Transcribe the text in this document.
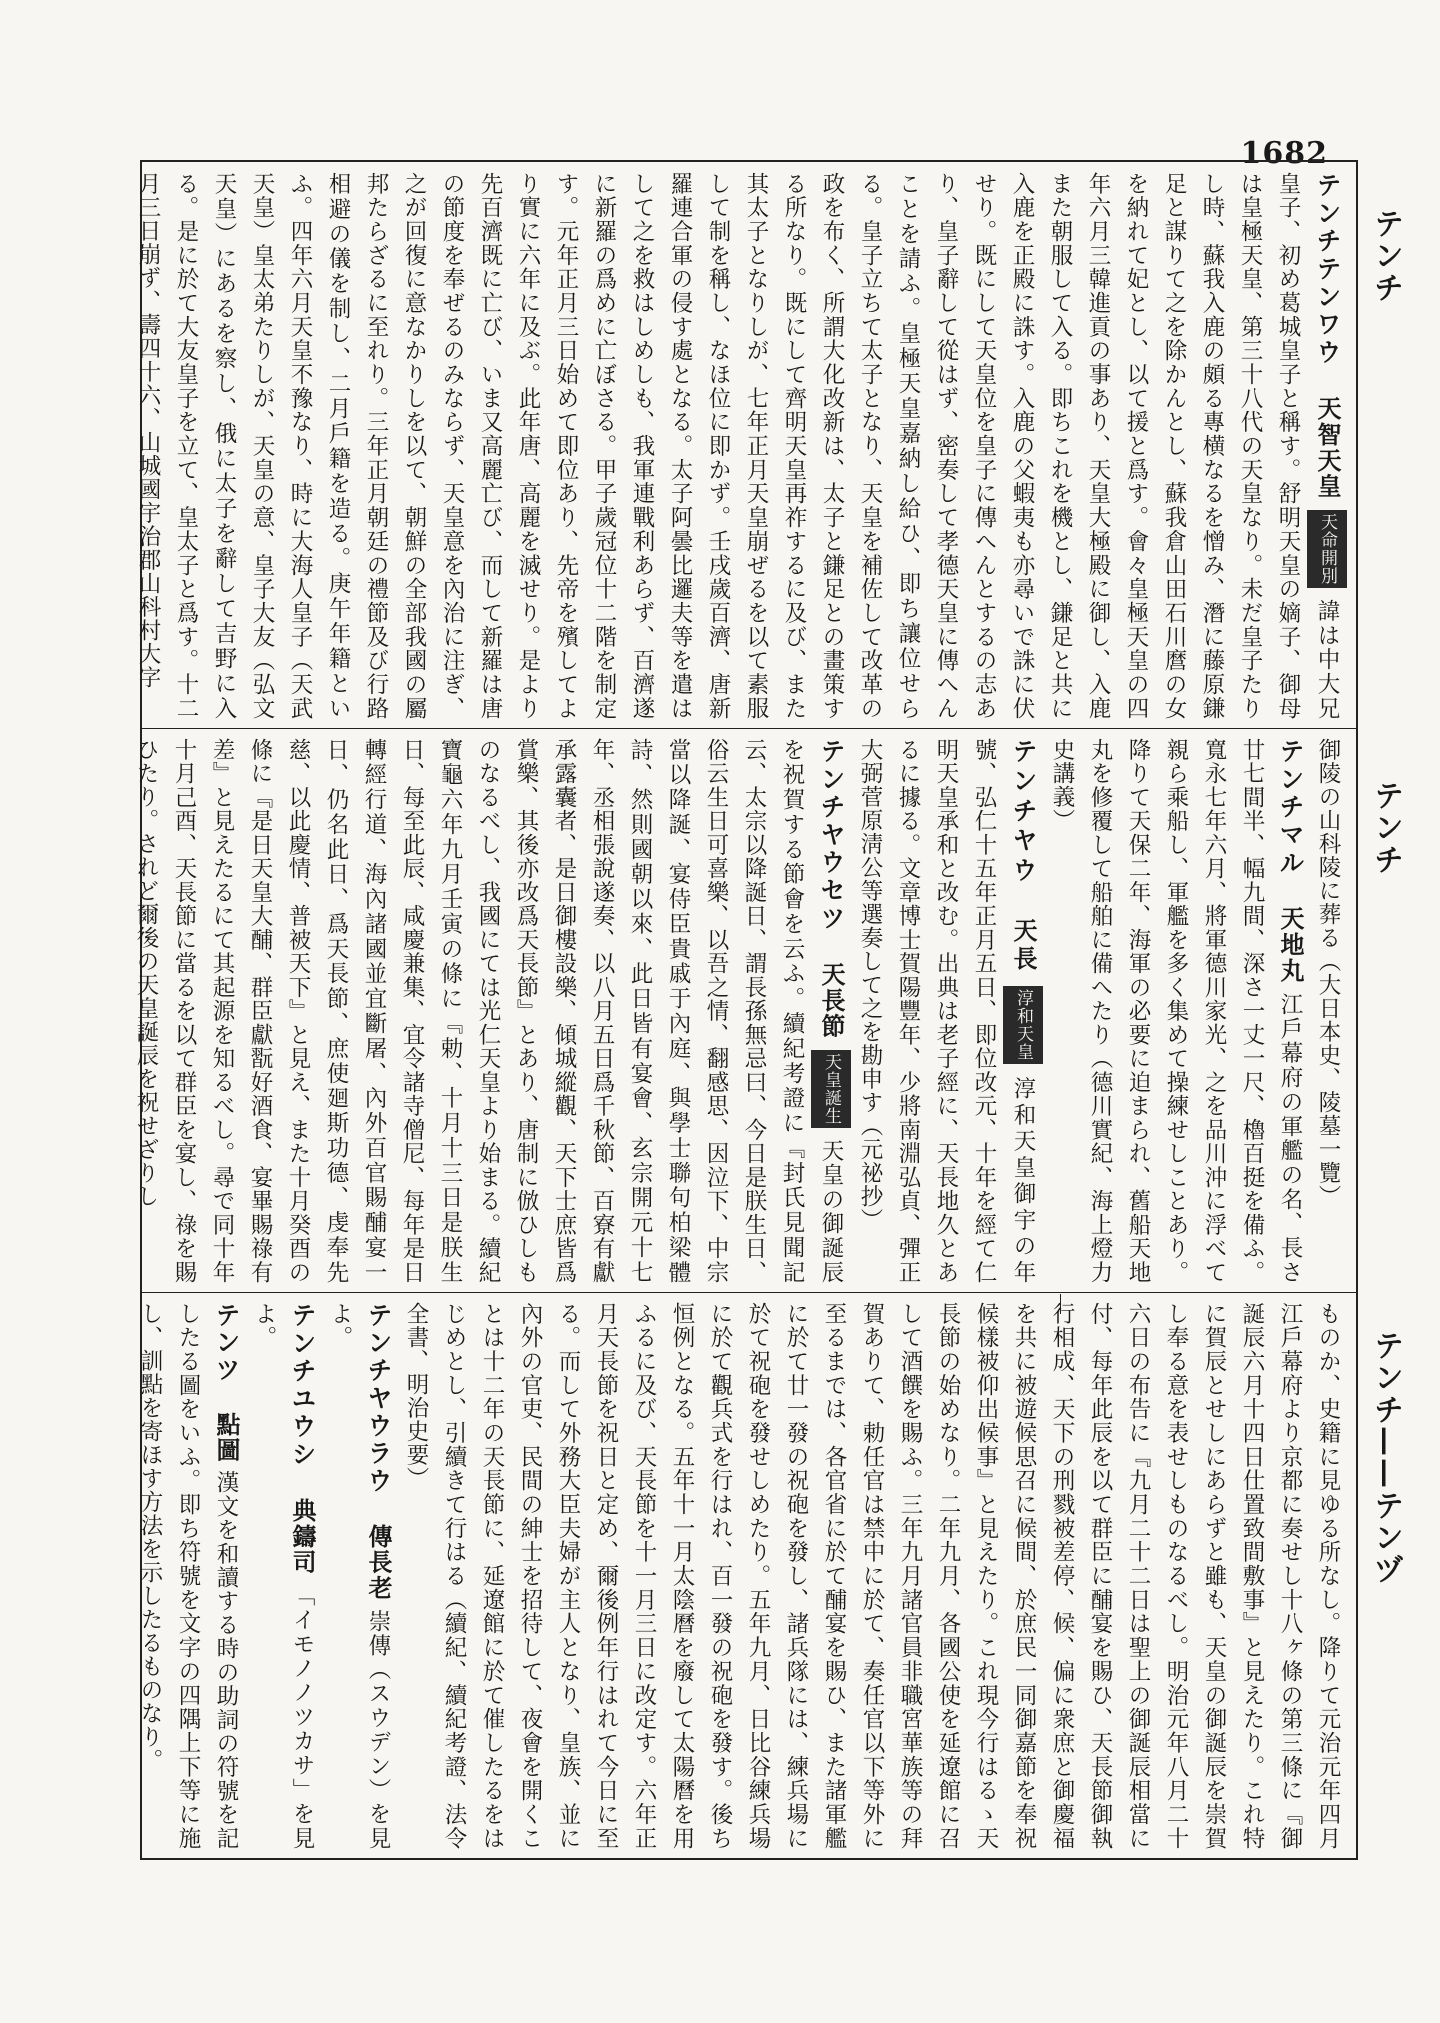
1682
テンチ
テンチ
テンチ——テンヅ

テンチテンワウ 天智天皇 天命開別 諱は中大兄皇子、初め葛城皇子と稱す。舒明天皇の嫡子、御母は皇極天皇、第三十八代の天皇なり。未だ皇子たりし時、蘇我入鹿の頗る專横なるを憎み、潛に藤原鎌足と謀りて之を除かんとし、蘇我倉山田石川麿の女を納れて妃とし、以て援と爲す。會々皇極天皇の四年六月三韓進貢の事あり、天皇大極殿に御し、入鹿また朝服して入る。即ちこれを機とし、鎌足と共に入鹿を正殿に誅す。入鹿の父蝦夷も亦尋いで誅に伏せり。既にして天皇位を皇子に傳へんとするの志あり、皇子辭して從はず、密奏して孝德天皇に傳へんことを請ふ。皇極天皇嘉納し給ひ、即ち讓位せらる。皇子立ちて太子となり、天皇を補佐して改革の政を布く、所謂大化改新は、太子と鎌足との畫策する所なり。既にして齊明天皇再祚するに及び、また其太子となりしが、七年正月天皇崩ぜるを以て素服して制を稱し、なほ位に即かず。壬戌歲百濟、唐新羅連合軍の侵す處となる。太子阿曇比邏夫等を遣はして之を救はしめしも、我軍連戰利あらず、百濟遂に新羅の爲めに亡ぼさる。甲子歲冠位十二階を制定す。元年正月三日始めて即位あり、先帝を殯してより實に六年に及ぶ。此年唐、高麗を滅せり。是より先百濟既に亡び、いま又高麗亡び、而して新羅は唐の節度を奉ぜるのみならず、天皇意を內治に注ぎ、之が回復に意なかりしを以て、朝鮮の全部我國の屬邦たらざるに至れり。三年正月朝廷の禮節及び行路相避の儀を制し、二月戶籍を造る。庚午年籍といふ。四年六月天皇不豫なり、時に大海人皇子（天武天皇）皇太弟たりしが、天皇の意、皇子大友（弘文天皇）にあるを察し、俄に太子を辭して吉野に入る。是に於て大友皇子を立て、皇太子と爲す。十二月三日崩ず、壽四十六、山城國宇治郡山科村大字

御陵の山科陵に葬る（大日本史、陵墓一覽）

テンチマル 天地丸 江戶幕府の軍艦の名、長さ廿七間半、幅九間、深さ一丈一尺、櫓百挺を備ふ。寬永七年六月、將軍德川家光、之を品川沖に浮べて親ら乘船し、軍艦を多く集めて操練せしことあり。降りて天保二年、海軍の必要に迫まられ、舊船天地丸を修覆して船舶に備へたり（德川實紀、海上燈力史講義）

テンチヤウ 天長 淳和天皇 淳和天皇御宇の年號、弘仁十五年正月五日、即位改元、十年を經て仁明天皇承和と改む。出典は老子經に、天長地久とあるに據る。文章博士賀陽豐年、少將南淵弘貞、彈正大弼菅原淸公等選奏して之を勘申す（元祕抄）

テンチヤウセツ 天長節 天皇誕生 天皇の御誕辰を祝賀する節會を云ふ。續紀考證に『封氏見聞記云、太宗以降誕日、謂長孫無忌曰、今日是朕生日、俗云生日可喜樂、以吾之情、翻感思、因泣下、中宗當以降誕、宴侍臣貴戚于內庭、與學士聯句柏梁體詩、然則國朝以來、此日皆有宴會、玄宗開元十七年、丞相張說遂奏、以八月五日爲千秋節、百寮有獻承露囊者、是日御樓設樂、傾城縱觀、天下士庶皆爲賞樂、其後亦改爲天長節』とあり、唐制に倣ひしものなるべし、我國にては光仁天皇より始まる。續紀寶龜六年九月壬寅の條に『勅、十月十三日是朕生日、每至此辰、咸慶兼集、宜令諸寺僧尼、每年是日轉經行道、海內諸國並宜斷屠、內外百官賜酺宴一日、仍名此日、爲天長節、庶使廻斯功德、虔奉先慈、以此慶情、普被天下』と見え、また十月癸酉の條に『是日天皇大酺、群臣獻翫好酒食、宴畢賜祿有差』と見えたるにて其起源を知るべし。尋で同十年十月己酉、天長節に當るを以て群臣を宴し、祿を賜ひたり。されど爾後の天皇誕辰を祝せざりし

ものか、史籍に見ゆる所なし。降りて元治元年四月江戶幕府より京都に奏せし十八ヶ條の第三條に『御誕辰六月十四日仕置致間敷事』と見えたり。これ特に賀辰とせしにあらずと雖も、天皇の御誕辰を崇賀し奉る意を表せしものなるべし。明治元年八月二十六日の布告に『九月二十二日は聖上の御誕辰相當に付、每年此辰を以て群臣に酺宴を賜ひ、天長節御執行相成、天下の刑戮被差停、候、偏に衆庶と御慶福を共に被遊候思召に候間、於庶民一同御嘉節を奉祝候樣被仰出候事』と見えたり。これ現今行はるゝ天長節の始めなり。二年九月、各國公使を延遼館に召して酒饌を賜ふ。三年九月諸官員非職宮華族等の拜賀ありて、勅任官は禁中に於て、奏任官以下等外に至るまでは、各官省に於て酺宴を賜ひ、また諸軍艦に於て廿一發の祝砲を發し、諸兵隊には、練兵場に於て祝砲を發せしめたり。五年九月、日比谷練兵場に於て觀兵式を行はれ、百一發の祝砲を發す。後ち恒例となる。五年十一月太陰曆を廢して太陽曆を用ふるに及び、天長節を十一月三日に改定す。六年正月天長節を祝日と定め、爾後例年行はれて今日に至る。而して外務大臣夫婦が主人となり、皇族、並に內外の官吏、民間の紳士を招待して、夜會を開くことは十二年の天長節に、延遼館に於て催したるをはじめとし、引續きて行はる（續紀、續紀考證、法令全書、明治史要）

テンチヤウラウ 傳長老 崇傳（スウデン）を見よ。

テンチユウシ 典鑄司 「イモノノツカサ」を見よ。

テンツ 點圖 漢文を和讀する時の助詞の符號を記したる圖をいふ。即ち符號を文字の四隅上下等に施し、訓點を寄ほす方法を示したるものなり。
